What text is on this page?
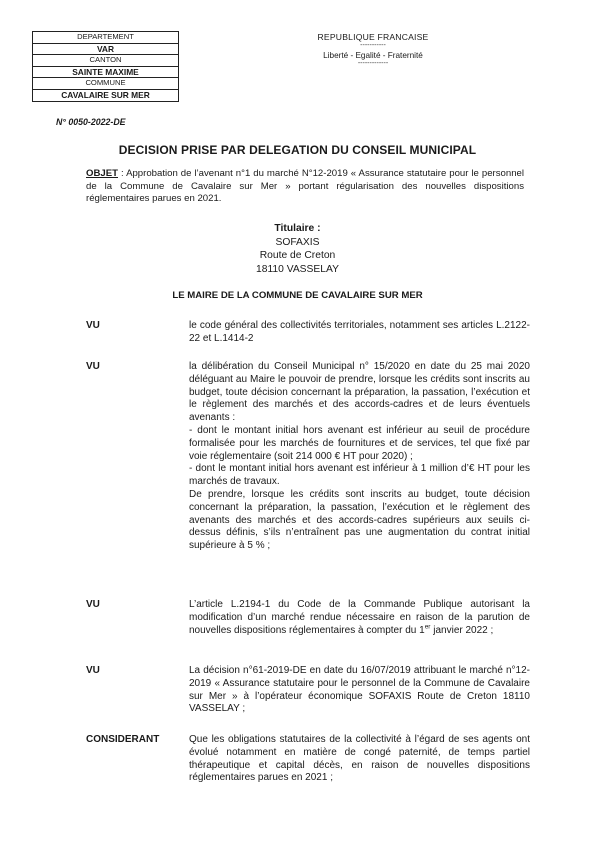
DEPARTEMENT
VAR
CANTON
SAINTE MAXIME
COMMUNE
CAVALAIRE SUR MER
REPUBLIQUE FRANCAISE
-----------
Liberté - Egalité - Fraternité
-------------
N° 0050-2022-DE
DECISION PRISE PAR DELEGATION DU CONSEIL MUNICIPAL
OBJET : Approbation de l’avenant n°1 du marché N°12-2019 « Assurance statutaire pour le personnel de la Commune de Cavalaire sur Mer » portant régularisation des nouvelles dispositions réglementaires parues en 2021.
Titulaire :
SOFAXIS
Route de Creton
18110 VASSELAY
LE MAIRE DE LA COMMUNE DE CAVALAIRE SUR MER
VU	le code général des collectivités territoriales, notamment ses articles L.2122-22 et L.1414-2

VU	la délibération du Conseil Municipal n° 15/2020 en date du 25 mai 2020 déléguant au Maire le pouvoir de prendre, lorsque les crédits sont inscrits au budget, toute décision concernant la préparation, la passation, l’exécution et le règlement des marchés et des accords-cadres et de leurs éventuels avenants :

- dont le montant initial hors avenant est inférieur au seuil de procédure formalisée pour les marchés de fournitures et de services, tel que fixé par voie réglementaire (soit 214 000 € HT pour 2020) ;

- dont le montant initial hors avenant est inférieur à 1 million d’€ HT pour les marchés de travaux.

De prendre, lorsque les crédits sont inscrits au budget, toute décision concernant la préparation, la passation, l’exécution et le règlement des avenants des marchés et des accords-cadres supérieurs aux seuils ci-dessus définis, s’ils n’entraînent pas une augmentation du contrat initial supérieure à 5 % ;

VU	L’article L.2194-1 du Code de la Commande Publique autorisant la modification d’un marché rendue nécessaire en raison de la parution de nouvelles dispositions réglementaires à compter du 1er janvier 2022 ;

VU	La décision n°61-2019-DE en date du 16/07/2019 attribuant le marché n°12-2019 « Assurance statutaire pour le personnel de la Commune de Cavalaire sur Mer » à l’opérateur économique SOFAXIS Route de Creton 18110 VASSELAY ;

CONSIDERANT	Que les obligations statutaires de la collectivité à l’égard de ses agents ont évolué notamment en matière de congé paternité, de temps partiel thérapeutique et capital décès, en raison de nouvelles dispositions réglementaires parues en 2021 ;
